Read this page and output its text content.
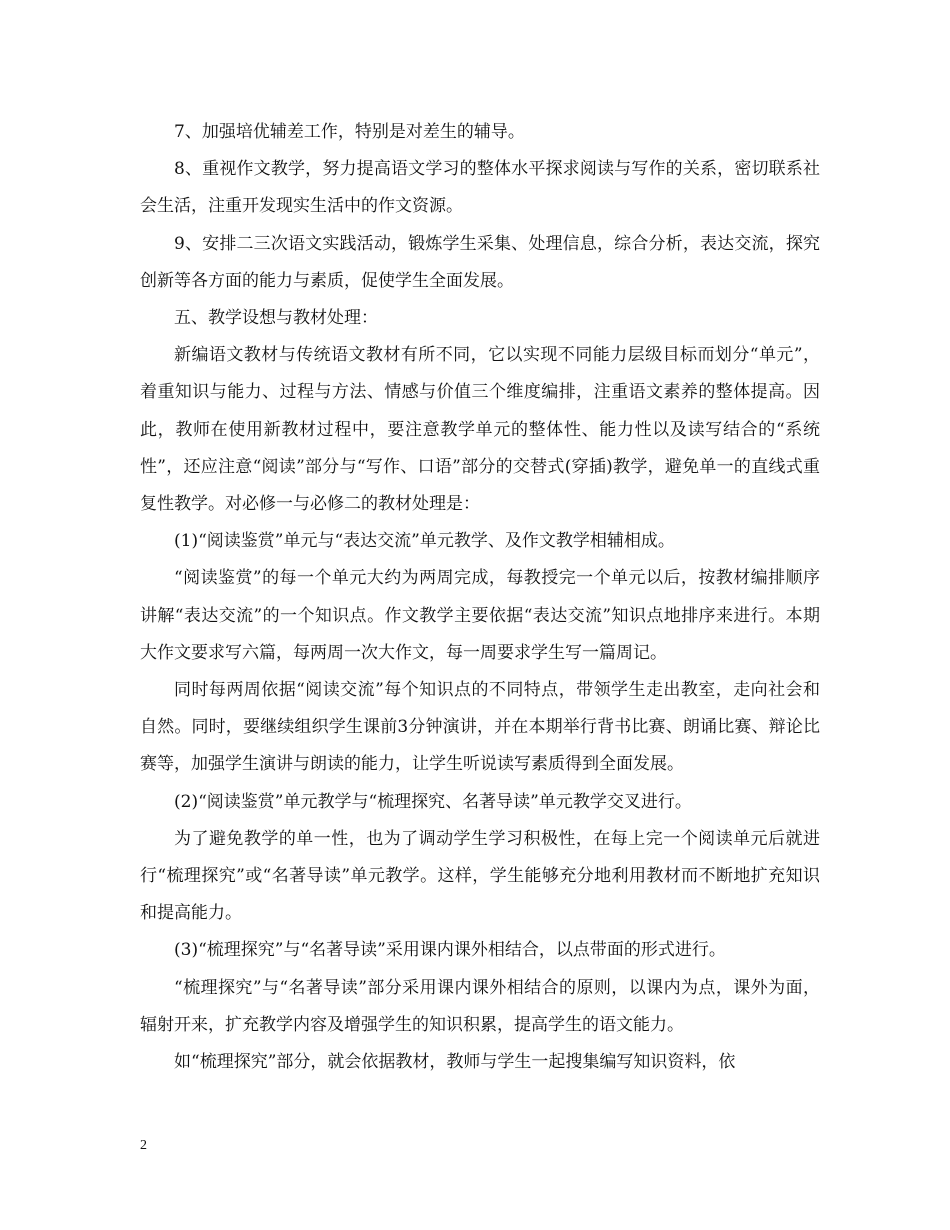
7、加强培优辅差工作，特别是对差生的辅导。

8、重视作文教学，努力提高语文学习的整体水平探求阅读与写作的关系，密切联系社会生活，注重开发现实生活中的作文资源。

9、安排二三次语文实践活动，锻炼学生采集、处理信息，综合分析，表达交流，探究创新等各方面的能力与素质，促使学生全面发展。

五、教学设想与教材处理：

新编语文教材与传统语文教材有所不同，它以实现不同能力层级目标而划分“单元”，着重知识与能力、过程与方法、情感与价值三个维度编排，注重语文素养的整体提高。因此，教师在使用新教材过程中，要注意教学单元的整体性、能力性以及读写结合的“系统性”，还应注意“阅读”部分与“写作、口语”部分的交替式(穿插)教学，避免单一的直线式重复性教学。对必修一与必修二的教材处理是：

(1)“阅读鉴赏”单元与“表达交流”单元教学、及作文教学相辅相成。

“阅读鉴赏”的每一个单元大约为两周完成，每教授完一个单元以后，按教材编排顺序讲解“表达交流”的一个知识点。作文教学主要依据“表达交流”知识点地排序来进行。本期大作文要求写六篇，每两周一次大作文，每一周要求学生写一篇周记。

同时每两周依据“阅读交流”每个知识点的不同特点，带领学生走出教室，走向社会和自然。同时，要继续组织学生课前3分钟演讲，并在本期举行背书比赛、朗诵比赛、辩论比赛等，加强学生演讲与朗读的能力，让学生听说读写素质得到全面发展。

(2)“阅读鉴赏”单元教学与“梳理探究、名著导读”单元教学交叉进行。

为了避免教学的单一性，也为了调动学生学习积极性，在每上完一个阅读单元后就进行“梳理探究”或“名著导读”单元教学。这样，学生能够充分地利用教材而不断地扩充知识和提高能力。

(3)“梳理探究”与“名著导读”采用课内课外相结合，以点带面的形式进行。

“梳理探究”与“名著导读”部分采用课内课外相结合的原则，以课内为点，课外为面，辐射开来，扩充教学内容及增强学生的知识积累，提高学生的语文能力。

如“梳理探究”部分，就会依据教材，教师与学生一起搜集编写知识资料，依

2
